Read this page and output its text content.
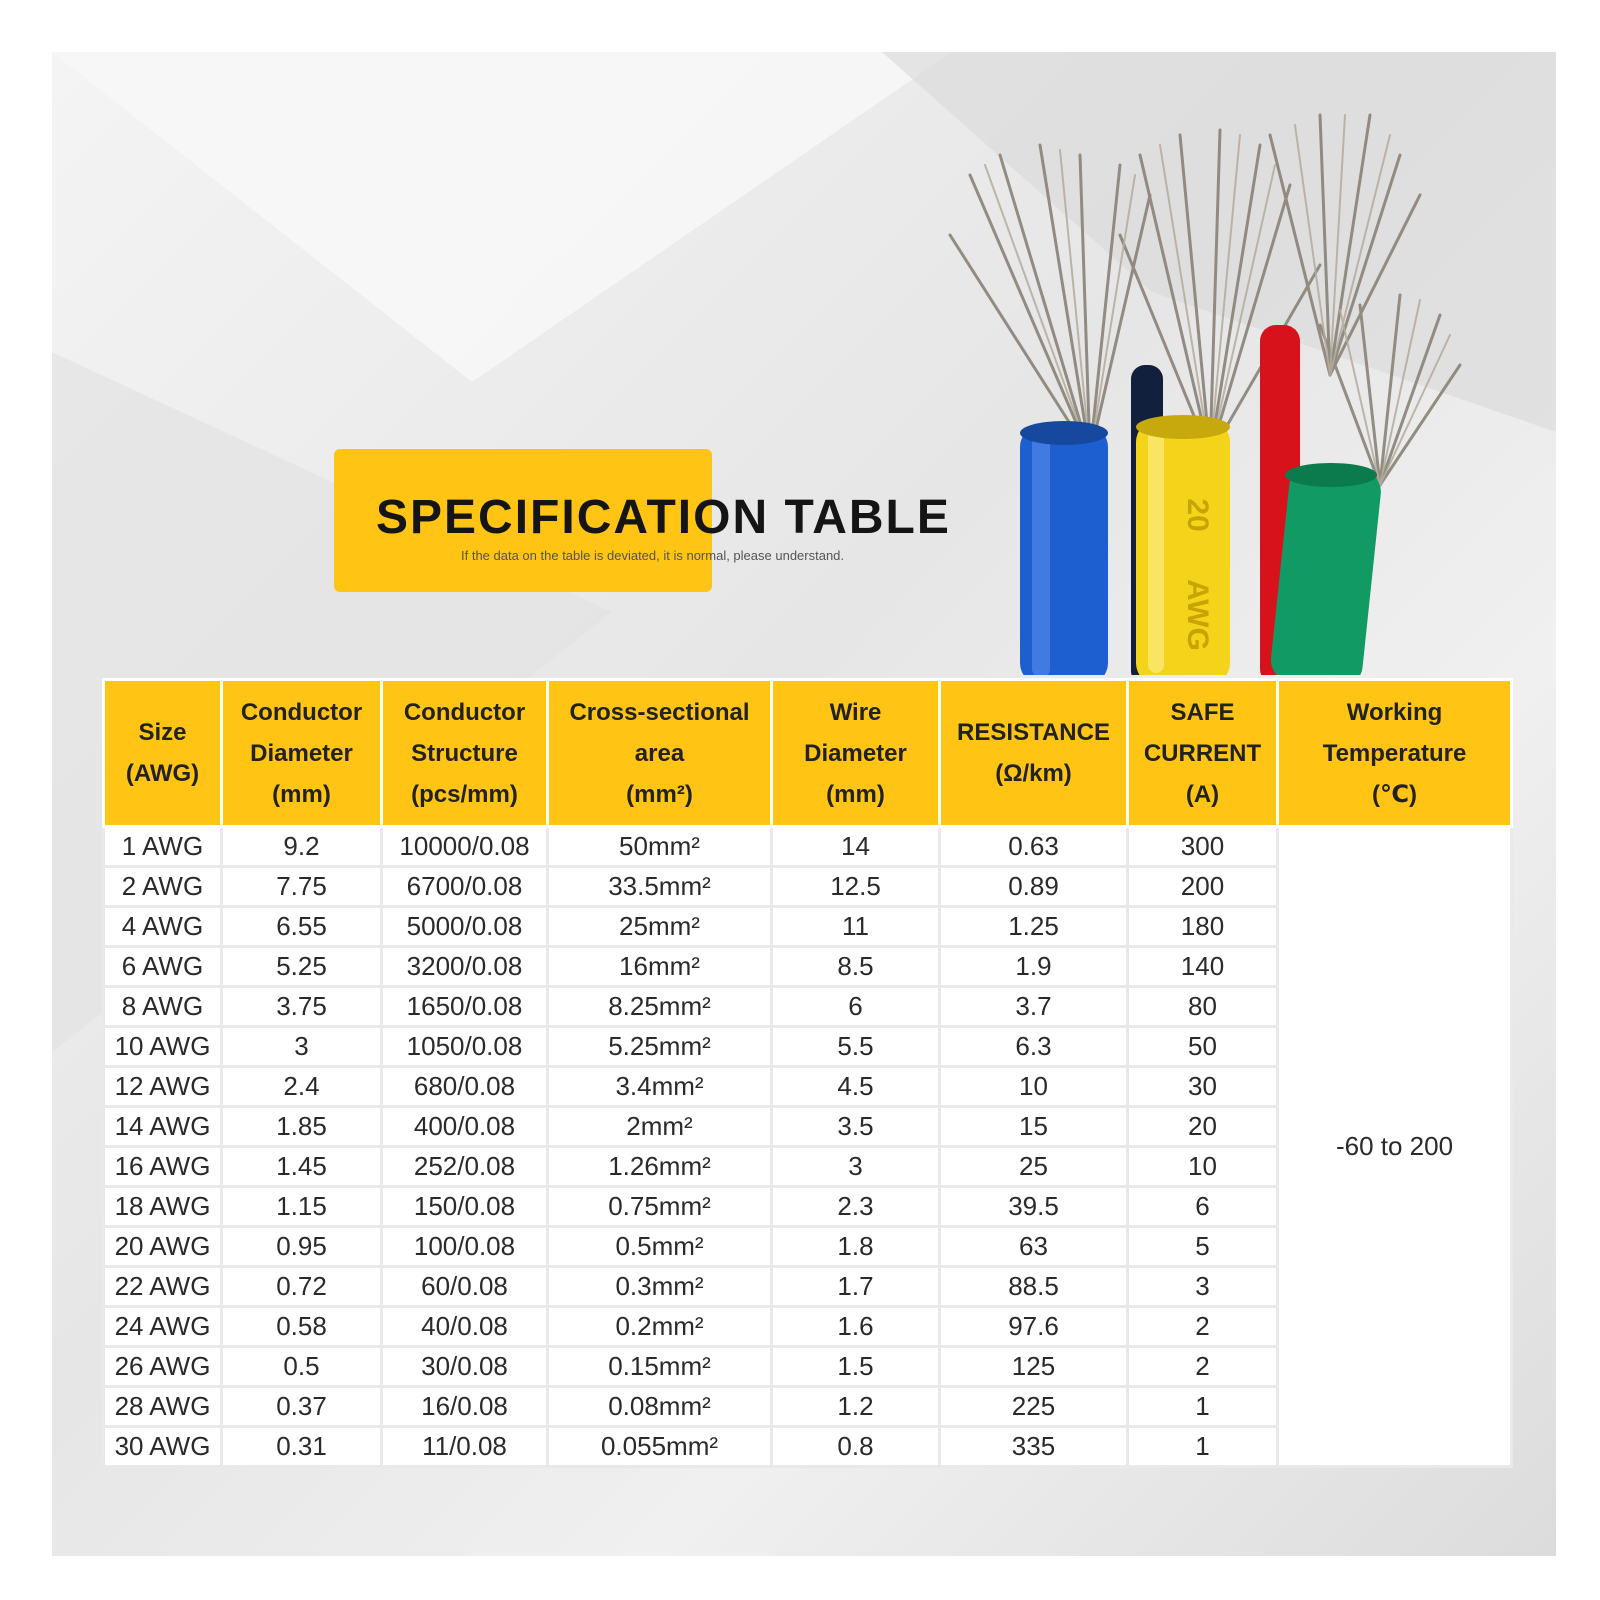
SPECIFICATION TABLE
If the data on the table is deviated, it is normal, please understand.
20
AWG
Size
(AWG)	Conductor
Diameter
(mm)	Conductor
Structure
(pcs/mm)	Cross-sectional
area
(mm²)	Wire
Diameter
(mm)	RESISTANCE
(Ω/km)	SAFE
CURRENT
(A)	Working
Temperature
(℃)
1 AWG	9.2	10000/0.08	50mm²	14	0.63	300	-60 to 200
2 AWG	7.75	6700/0.08	33.5mm²	12.5	0.89	200	
4 AWG	6.55	5000/0.08	25mm²	11	1.25	180	
6 AWG	5.25	3200/0.08	16mm²	8.5	1.9	140	
8 AWG	3.75	1650/0.08	8.25mm²	6	3.7	80	
10 AWG	3	1050/0.08	5.25mm²	5.5	6.3	50	
12 AWG	2.4	680/0.08	3.4mm²	4.5	10	30	
14 AWG	1.85	400/0.08	2mm²	3.5	15	20	
16 AWG	1.45	252/0.08	1.26mm²	3	25	10	
18 AWG	1.15	150/0.08	0.75mm²	2.3	39.5	6	
20 AWG	0.95	100/0.08	0.5mm²	1.8	63	5	
22 AWG	0.72	60/0.08	0.3mm²	1.7	88.5	3	
24 AWG	0.58	40/0.08	0.2mm²	1.6	97.6	2	
26 AWG	0.5	30/0.08	0.15mm²	1.5	125	2	
28 AWG	0.37	16/0.08	0.08mm²	1.2	225	1	
30 AWG	0.31	11/0.08	0.055mm²	0.8	335	1	
